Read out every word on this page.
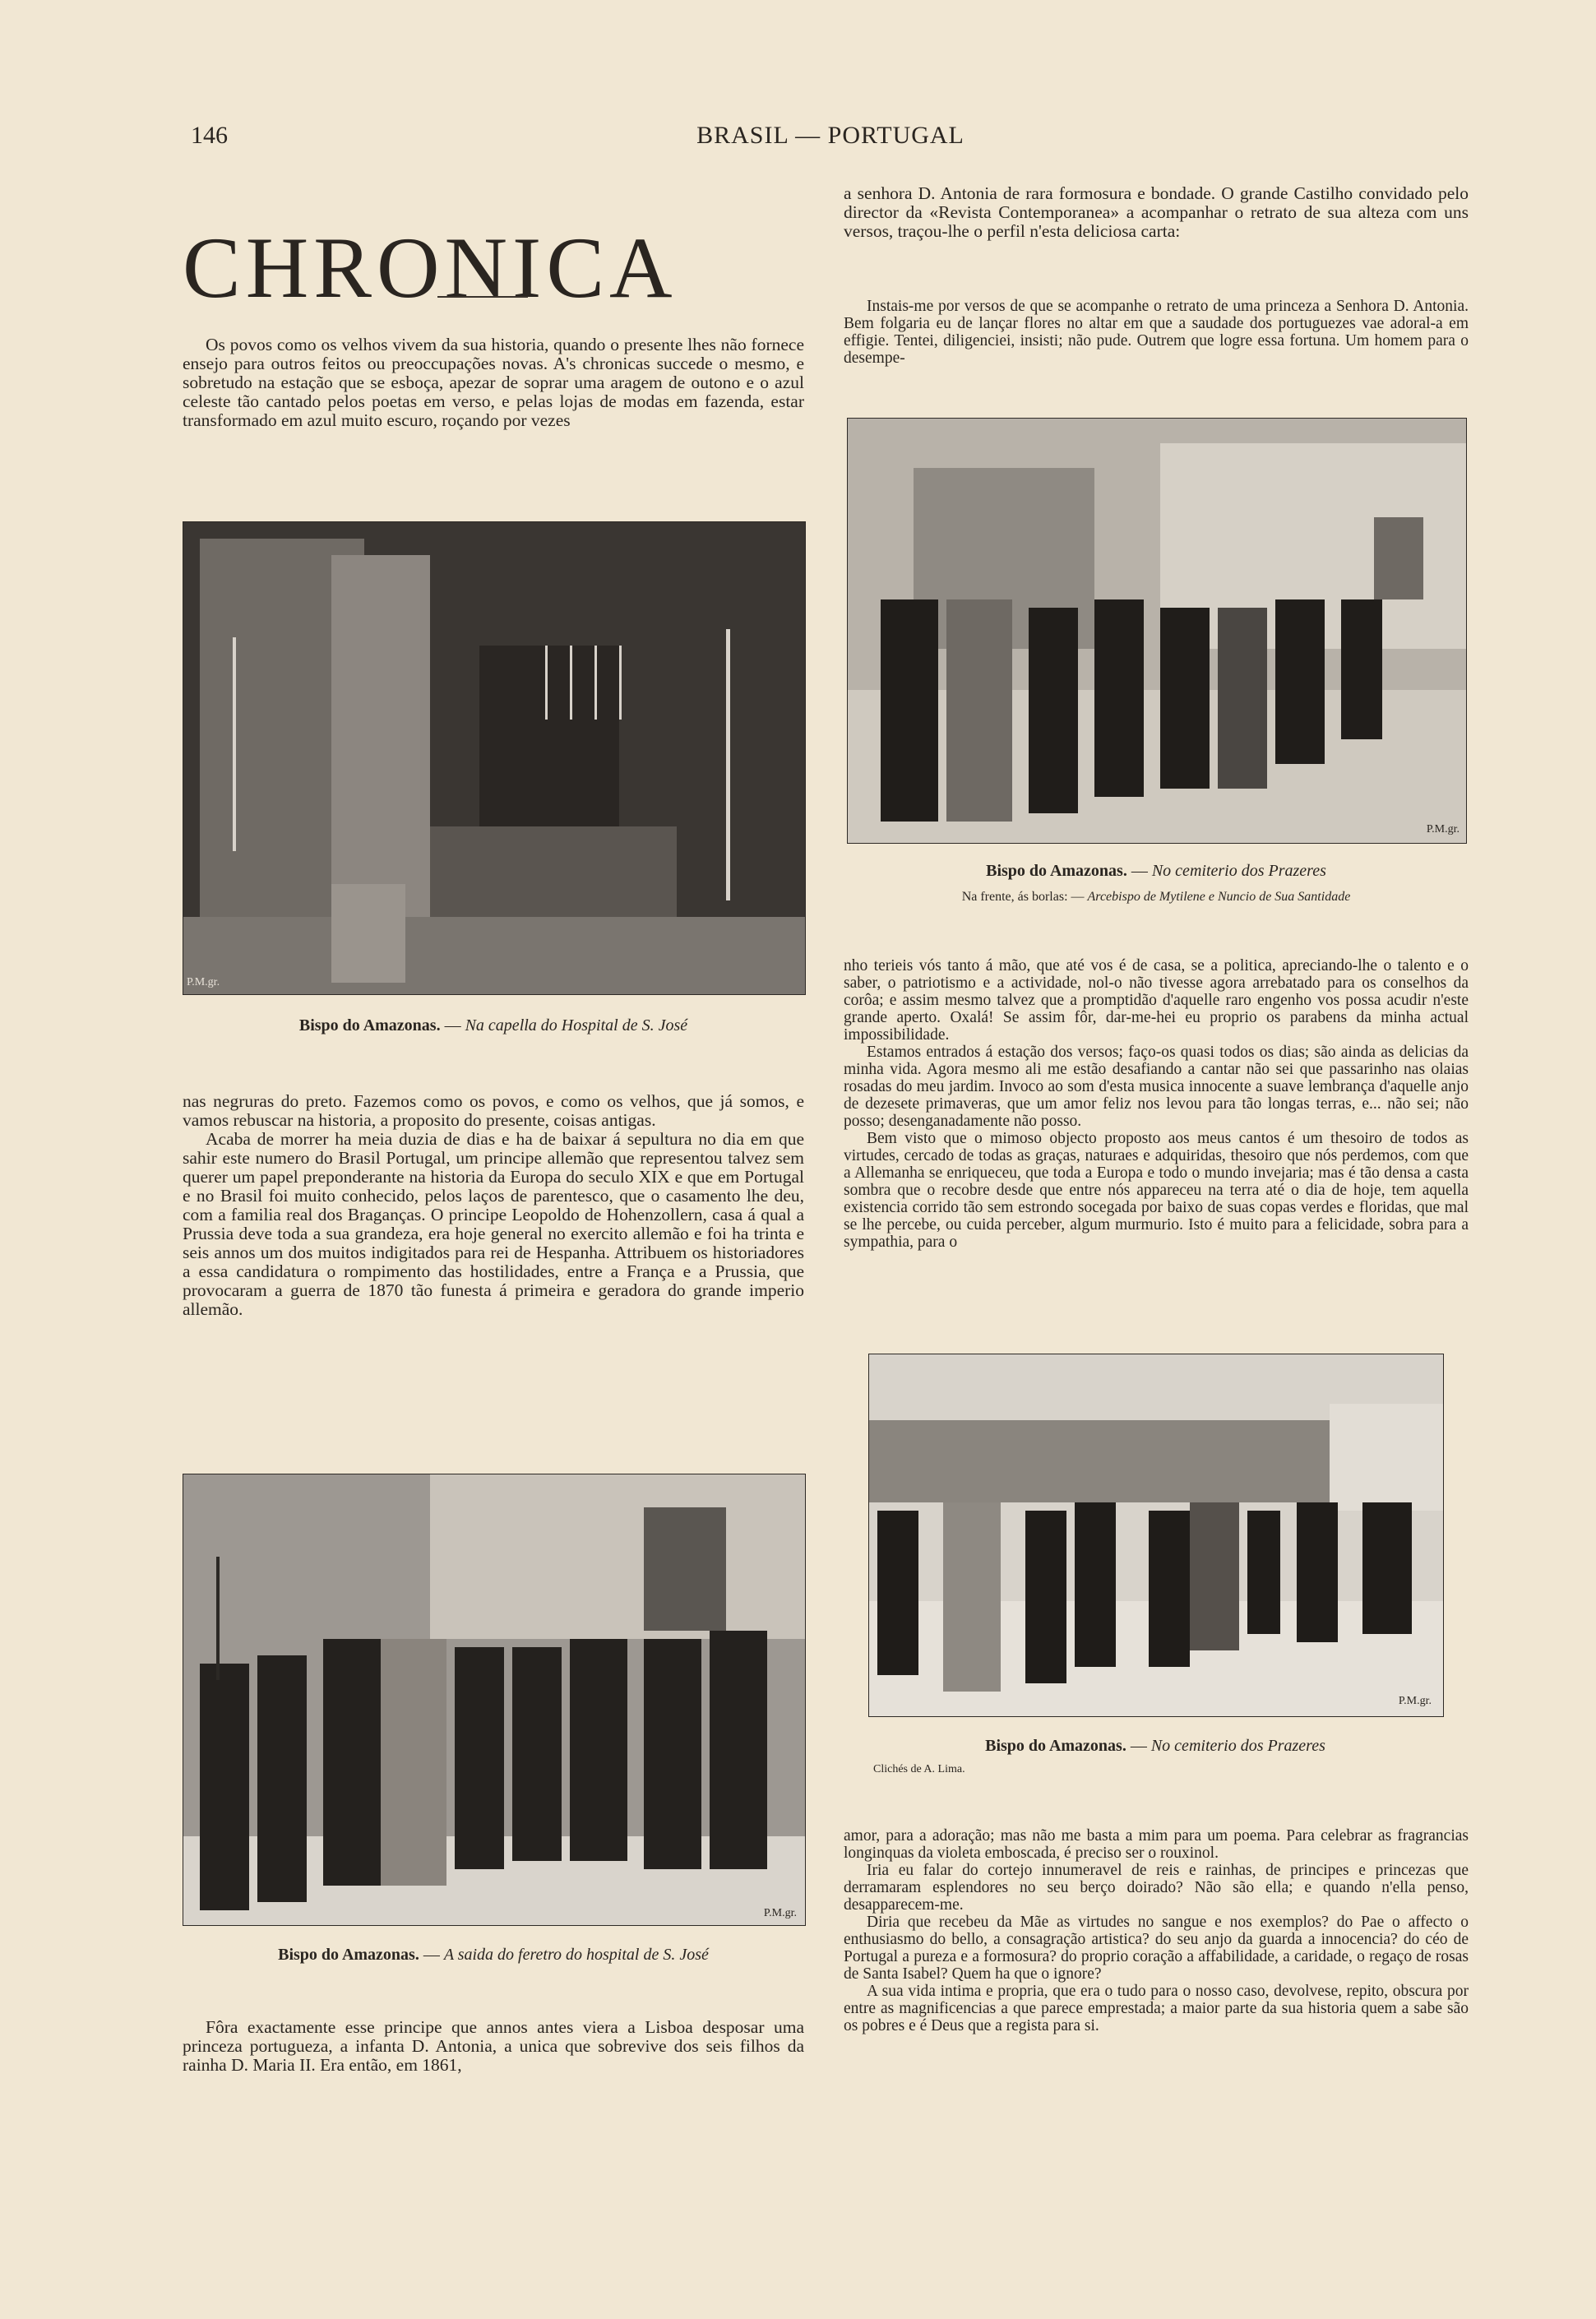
146	BRASIL — PORTUGAL
CHRONICA

Os povos como os velhos vivem da sua historia, quando o presente lhes não fornece ensejo para outros feitos ou preoccupações novas. A's chronicas succede o mesmo, e sobretudo na estação que se esboça, apezar de soprar uma aragem de outono e o azul celeste tão cantado pelos poetas em verso, e pelas lojas de modas em fazenda, estar transformado em azul muito escuro, roçando por vezes

P.M.gr.
Bispo do Amazonas. — Na capella do Hospital de S. José

nas negruras do preto. Fazemos como os povos, e como os velhos, que já somos, e vamos rebuscar na historia, a proposito do presente, coisas antigas.

Acaba de morrer ha meia duzia de dias e ha de baixar á sepultura no dia em que sahir este numero do Brasil Portugal, um principe allemão que representou talvez sem querer um papel preponderante na historia da Europa do seculo XIX e que em Portugal e no Brasil foi muito conhecido, pelos laços de parentesco, que o casamento lhe deu, com a familia real dos Braganças. O principe Leopoldo de Hohenzollern, casa á qual a Prussia deve toda a sua grandeza, era hoje general no exercito allemão e foi ha trinta e seis annos um dos muitos indigitados para rei de Hespanha. Attribuem os historiadores a essa candidatura o rompimento das hostilidades, entre a França e a Prussia, que provocaram a guerra de 1870 tão funesta á primeira e geradora do grande imperio allemão.

P.M.gr.
Bispo do Amazonas. — A saida do feretro do hospital de S. José

Fôra exactamente esse principe que annos antes viera a Lisboa desposar uma princeza portugueza, a infanta D. Antonia, a unica que sobrevive dos seis filhos da rainha D. Maria II. Era então, em 1861,

a senhora D. Antonia de rara formosura e bondade. O grande Castilho convidado pelo director da «Revista Contemporanea» a acompanhar o retrato de sua alteza com uns versos, traçou-lhe o perfil n'esta deliciosa carta:

Instais-me por versos de que se acompanhe o retrato de uma princeza a Senhora D. Antonia. Bem folgaria eu de lançar flores no altar em que a saudade dos portuguezes vae adoral-a em effigie. Tentei, diligenciei, insisti; não pude. Outrem que logre essa fortuna. Um homem para o desempe-

P.M.gr.
Bispo do Amazonas. — No cemiterio dos Prazeres
Na frente, ás borlas: — Arcebispo de Mytilene e Nuncio de Sua Santidade

nho terieis vós tanto á mão, que até vos é de casa, se a politica, apreciando-lhe o talento e o saber, o patriotismo e a actividade, nol-o não tivesse agora arrebatado para os conselhos da corôa; e assim mesmo talvez que a promptidão d'aquelle raro engenho vos possa acudir n'este grande aperto. Oxalá! Se assim fôr, dar-me-hei eu proprio os parabens da minha actual impossibilidade.

Estamos entrados á estação dos versos; faço-os quasi todos os dias; são ainda as delicias da minha vida. Agora mesmo ali me estão desafiando a cantar não sei que passarinho nas olaias rosadas do meu jardim. Invoco ao som d'esta musica innocente a suave lembrança d'aquelle anjo de dezesete primaveras, que um amor feliz nos levou para tão longas terras, e... não sei; não posso; desenganadamente não posso.

Bem visto que o mimoso objecto proposto aos meus cantos é um thesoiro de todos as virtudes, cercado de todas as graças, naturaes e adquiridas, thesoiro que nós perdemos, com que a Allemanha se enriqueceu, que toda a Europa e todo o mundo invejaria; mas é tão densa a casta sombra que o recobre desde que entre nós appareceu na terra até o dia de hoje, tem aquella existencia corrido tão sem estrondo socegada por baixo de suas copas verdes e floridas, que mal se lhe percebe, ou cuida perceber, algum murmurio. Isto é muito para a felicidade, sobra para a sympathia, para o

P.M.gr.
Bispo do Amazonas. — No cemiterio dos Prazeres
Clichés de A. Lima.

amor, para a adoração; mas não me basta a mim para um poema. Para celebrar as fragrancias longinquas da violeta emboscada, é preciso ser o rouxinol.

Iria eu falar do cortejo innumeravel de reis e rainhas, de principes e princezas que derramaram esplendores no seu berço doirado? Não são ella; e quando n'ella penso, desapparecem-me.

Diria que recebeu da Mãe as virtudes no sangue e nos exemplos? do Pae o affecto o enthusiasmo do bello, a consagração artistica? do seu anjo da guarda a innocencia? do céo de Portugal a pureza e a formosura? do proprio coração a affabilidade, a caridade, o regaço de rosas de Santa Isabel? Quem ha que o ignore?

A sua vida intima e propria, que era o tudo para o nosso caso, devolvese, repito, obscura por entre as magnificencias a que parece emprestada; a maior parte da sua historia quem a sabe são os pobres e é Deus que a regista para si.
